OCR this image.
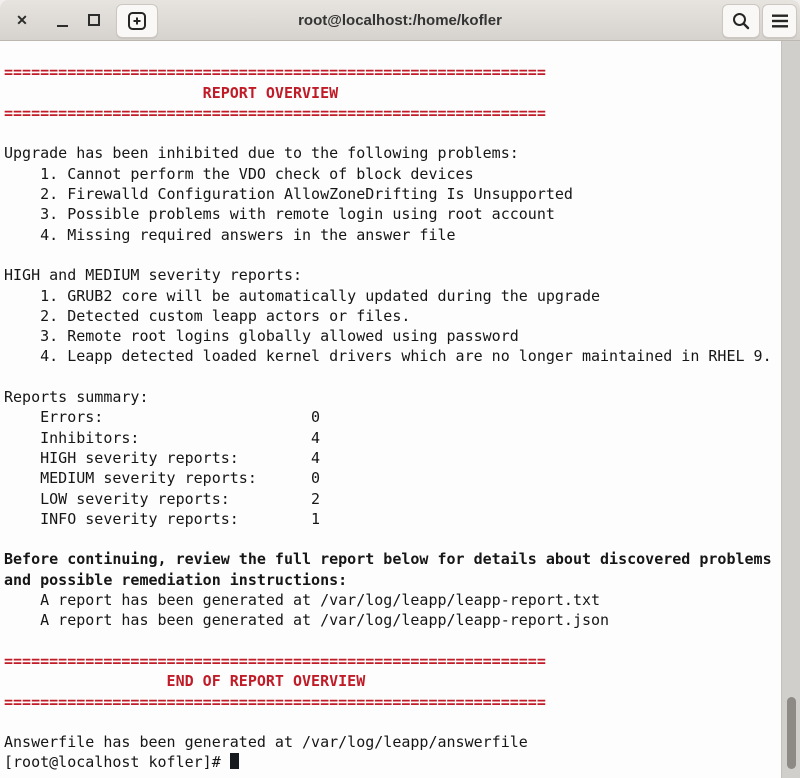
✕	root@localhost:/home/kofler
============================================================
REPORT OVERVIEW
============================================================
Upgrade has been inhibited due to the following problems:
1. Cannot perform the VDO check of block devices
2. Firewalld Configuration AllowZoneDrifting Is Unsupported
3. Possible problems with remote login using root account
4. Missing required answers in the answer file
HIGH and MEDIUM severity reports:
1. GRUB2 core will be automatically updated during the upgrade
2. Detected custom leapp actors or files.
3. Remote root logins globally allowed using password
4. Leapp detected loaded kernel drivers which are no longer maintained in RHEL 9.
Reports summary:
Errors:                       0
Inhibitors:                   4
HIGH severity reports:        4
MEDIUM severity reports:      0
LOW severity reports:         2
INFO severity reports:        1
Before continuing, review the full report below for details about discovered problems
and possible remediation instructions:
A report has been generated at /var/log/leapp/leapp-report.txt
A report has been generated at /var/log/leapp/leapp-report.json
============================================================
END OF REPORT OVERVIEW
============================================================
Answerfile has been generated at /var/log/leapp/answerfile
[root@localhost kofler]#
